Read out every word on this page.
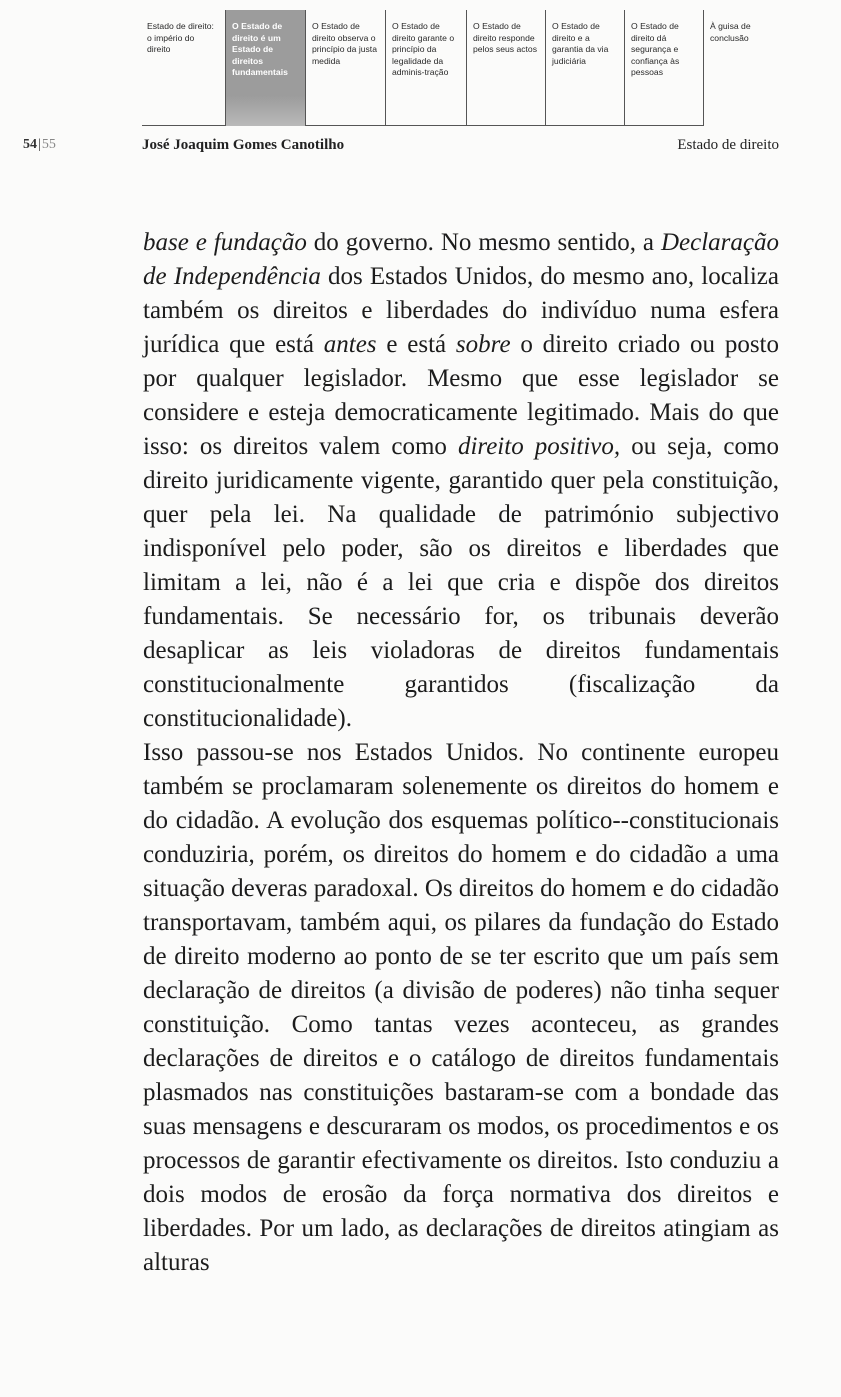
Estado de direito: o império do direito
O Estado de direito é um Estado de direitos fundamentais
O Estado de direito observa o princípio da justa medida
O Estado de direito garante o princípio da legalidade da adminis-tração
O Estado de direito responde pelos seus actos
O Estado de direito e a garantia da via judiciária
O Estado de direito dá segurança e confiança às pessoas
À guisa de conclusão
54|55	José Joaquim Gomes Canotilho	Estado de direito

base e fundação do governo. No mesmo sentido, a Declaração de Independência dos Estados Unidos, do mesmo ano, localiza também os direitos e liberdades do indivíduo numa esfera jurídica que está antes e está sobre o direito criado ou posto por qualquer legislador. Mesmo que esse legislador se considere e esteja democraticamente legitimado. Mais do que isso: os direitos valem como direito positivo, ou seja, como direito juridicamente vigente, garantido quer pela constituição, quer pela lei. Na qualidade de património subjectivo indisponível pelo poder, são os direitos e liberdades que limitam a lei, não é a lei que cria e dispõe dos direitos fundamentais. Se necessário for, os tribunais deverão desaplicar as leis violadoras de direitos fundamentais constitucionalmente garantidos (fiscalização da constitucionalidade).

Isso passou-se nos Estados Unidos. No continente europeu também se proclamaram solenemente os direitos do homem e do cidadão. A evolução dos esquemas político--constitucionais conduziria, porém, os direitos do homem e do cidadão a uma situação deveras paradoxal. Os direitos do homem e do cidadão transportavam, também aqui, os pilares da fundação do Estado de direito moderno ao ponto de se ter escrito que um país sem declaração de direitos (a divisão de poderes) não tinha sequer constituição. Como tantas vezes aconteceu, as grandes declarações de direitos e o catálogo de direitos fundamentais plasmados nas constituições bastaram-se com a bondade das suas mensagens e descuraram os modos, os procedimentos e os processos de garantir efectivamente os direitos. Isto conduziu a dois modos de erosão da força normativa dos direitos e liberdades. Por um lado, as declarações de direitos atingiam as alturas
